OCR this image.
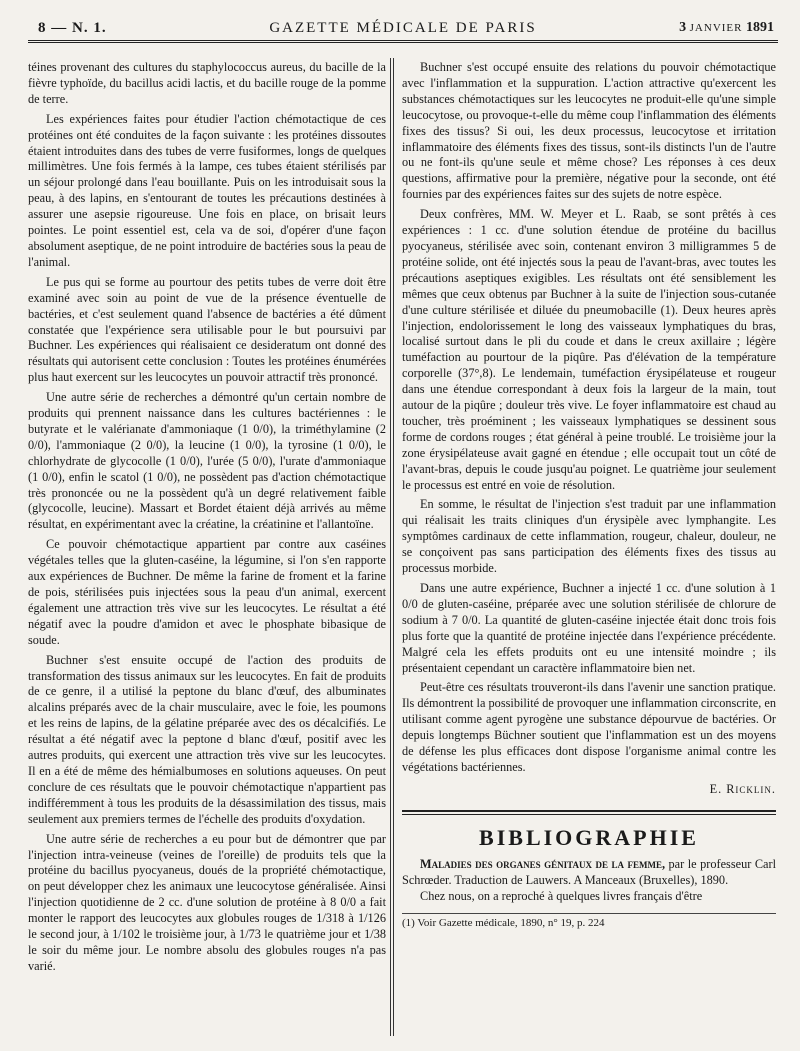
8 — N. 1.	GAZETTE MÉDICALE DE PARIS	3 JANVIER 1891

téines provenant des cultures du staphylococcus aureus, du bacille de la fièvre typhoïde, du bacillus acidi lactis, et du bacille rouge de la pomme de terre.

Les expériences faites pour étudier l'action chémotactique de ces protéines ont été conduites de la façon suivante : les protéines dissoutes étaient introduites dans des tubes de verre fusiformes, longs de quelques millimètres. Une fois fermés à la lampe, ces tubes étaient stérilisés par un séjour prolongé dans l'eau bouillante. Puis on les introduisait sous la peau, à des lapins, en s'entourant de toutes les précautions destinées à assurer une asepsie rigoureuse. Une fois en place, on brisait leurs pointes. Le point essentiel est, cela va de soi, d'opérer d'une façon absolument aseptique, de ne point introduire de bactéries sous la peau de l'animal.

Le pus qui se forme au pourtour des petits tubes de verre doit être examiné avec soin au point de vue de la présence éventuelle de bactéries, et c'est seulement quand l'absence de bactéries a été dûment constatée que l'expérience sera utilisable pour le but poursuivi par Buchner. Les expériences qui réalisaient ce desideratum ont donné des résultats qui autorisent cette conclusion : Toutes les protéines énumérées plus haut exercent sur les leucocytes un pouvoir attractif très prononcé.

Une autre série de recherches a démontré qu'un certain nombre de produits qui prennent naissance dans les cultures bactériennes : le butyrate et le valérianate d'ammoniaque (1 0/0), la triméthylamine (2 0/0), l'ammoniaque (2 0/0), la leucine (1 0/0), la tyrosine (1 0/0), le chlorhydrate de glycocolle (1 0/0), l'urée (5 0/0), l'urate d'ammoniaque (1 0/0), enfin le scatol (1 0/0), ne possèdent pas d'action chémotactique très prononcée ou ne la possèdent qu'à un degré relativement faible (glycocolle, leucine). Massart et Bordet étaient déjà arrivés au même résultat, en expérimentant avec la créatine, la créatinine et l'allantoïne.

Ce pouvoir chémotactique appartient par contre aux caséines végétales telles que la gluten-caséine, la légumine, si l'on s'en rapporte aux expériences de Buchner. De même la farine de froment et la farine de pois, stérilisées puis injectées sous la peau d'un animal, exercent également une attraction très vive sur les leucocytes. Le résultat a été négatif avec la poudre d'amidon et avec le phosphate bibasique de soude.

Buchner s'est ensuite occupé de l'action des produits de transformation des tissus animaux sur les leucocytes. En fait de produits de ce genre, il a utilisé la peptone du blanc d'œuf, des albuminates alcalins préparés avec de la chair musculaire, avec le foie, les poumons et les reins de lapins, de la gélatine préparée avec des os décalcifiés. Le résultat a été négatif avec la peptone d blanc d'œuf, positif avec les autres produits, qui exercent une attraction très vive sur les leucocytes. Il en a été de même des hémialbumoses en solutions aqueuses. On peut conclure de ces résultats que le pouvoir chémotactique n'appartient pas indifféremment à tous les produits de la désassimilation des tissus, mais seulement aux premiers termes de l'échelle des produits d'oxydation.

Une autre série de recherches a eu pour but de démontrer que par l'injection intra-veineuse (veines de l'oreille) de produits tels que la protéine du bacillus pyocyaneus, doués de la propriété chémotactique, on peut développer chez les animaux une leucocytose généralisée. Ainsi l'injection quotidienne de 2 cc. d'une solution de protéine à 8 0/0 a fait monter le rapport des leucocytes aux globules rouges de 1/318 à 1/126 le second jour, à 1/102 le troisième jour, à 1/73 le quatrième jour et 1/38 le soir du même jour. Le nombre absolu des globules rouges n'a pas varié.

Buchner s'est occupé ensuite des relations du pouvoir chémotactique avec l'inflammation et la suppuration. L'action attractive qu'exercent les substances chémotactiques sur les leucocytes ne produit-elle qu'une simple leucocytose, ou provoque-t-elle du même coup l'inflammation des éléments fixes des tissus? Si oui, les deux processus, leucocytose et irritation inflammatoire des éléments fixes des tissus, sont-ils distincts l'un de l'autre ou ne font-ils qu'une seule et même chose? Les réponses à ces deux questions, affirmative pour la première, négative pour la seconde, ont été fournies par des expériences faites sur des sujets de notre espèce.

Deux confrères, MM. W. Meyer et L. Raab, se sont prêtés à ces expériences : 1 cc. d'une solution étendue de protéine du bacillus pyocyaneus, stérilisée avec soin, contenant environ 3 milligrammes 5 de protéine solide, ont été injectés sous la peau de l'avant-bras, avec toutes les précautions aseptiques exigibles. Les résultats ont été sensiblement les mêmes que ceux obtenus par Buchner à la suite de l'injection sous-cutanée d'une culture stérilisée et diluée du pneumobacille (1). Deux heures après l'injection, endolorissement le long des vaisseaux lymphatiques du bras, localisé surtout dans le pli du coude et dans le creux axillaire ; légère tuméfaction au pourtour de la piqûre. Pas d'élévation de la température corporelle (37°,8). Le lendemain, tuméfaction érysipélateuse et rougeur dans une étendue correspondant à deux fois la largeur de la main, tout autour de la piqûre ; douleur très vive. Le foyer inflammatoire est chaud au toucher, très proéminent ; les vaisseaux lymphatiques se dessinent sous forme de cordons rouges ; état général à peine troublé. Le troisième jour la zone érysipélateuse avait gagné en étendue ; elle occupait tout un côté de l'avant-bras, depuis le coude jusqu'au poignet. Le quatrième jour seulement le processus est entré en voie de résolution.

En somme, le résultat de l'injection s'est traduit par une inflammation qui réalisait les traits cliniques d'un érysipèle avec lymphangite. Les symptômes cardinaux de cette inflammation, rougeur, chaleur, douleur, ne se conçoivent pas sans participation des éléments fixes des tissus au processus morbide.

Dans une autre expérience, Buchner a injecté 1 cc. d'une solution à 1 0/0 de gluten-caséine, préparée avec une solution stérilisée de chlorure de sodium à 7 0/0. La quantité de gluten-caséine injectée était donc trois fois plus forte que la quantité de protéine injectée dans l'expérience précédente. Malgré cela les effets produits ont eu une intensité moindre ; ils présentaient cependant un caractère inflammatoire bien net.

Peut-être ces résultats trouveront-ils dans l'avenir une sanction pratique. Ils démontrent la possibilité de provoquer une inflammation circonscrite, en utilisant comme agent pyrogène une substance dépourvue de bactéries. Or depuis longtemps Büchner soutient que l'inflammation est un des moyens de défense les plus efficaces dont dispose l'organisme animal contre les végétations bactériennes.

E. Ricklin.
BIBLIOGRAPHIE

Maladies des organes génitaux de la femme, par le professeur Carl Schrœder. Traduction de Lauwers. A Manceaux (Bruxelles), 1890.

Chez nous, on a reproché à quelques livres français d'être

(1) Voir Gazette médicale, 1890, n° 19, p. 224
